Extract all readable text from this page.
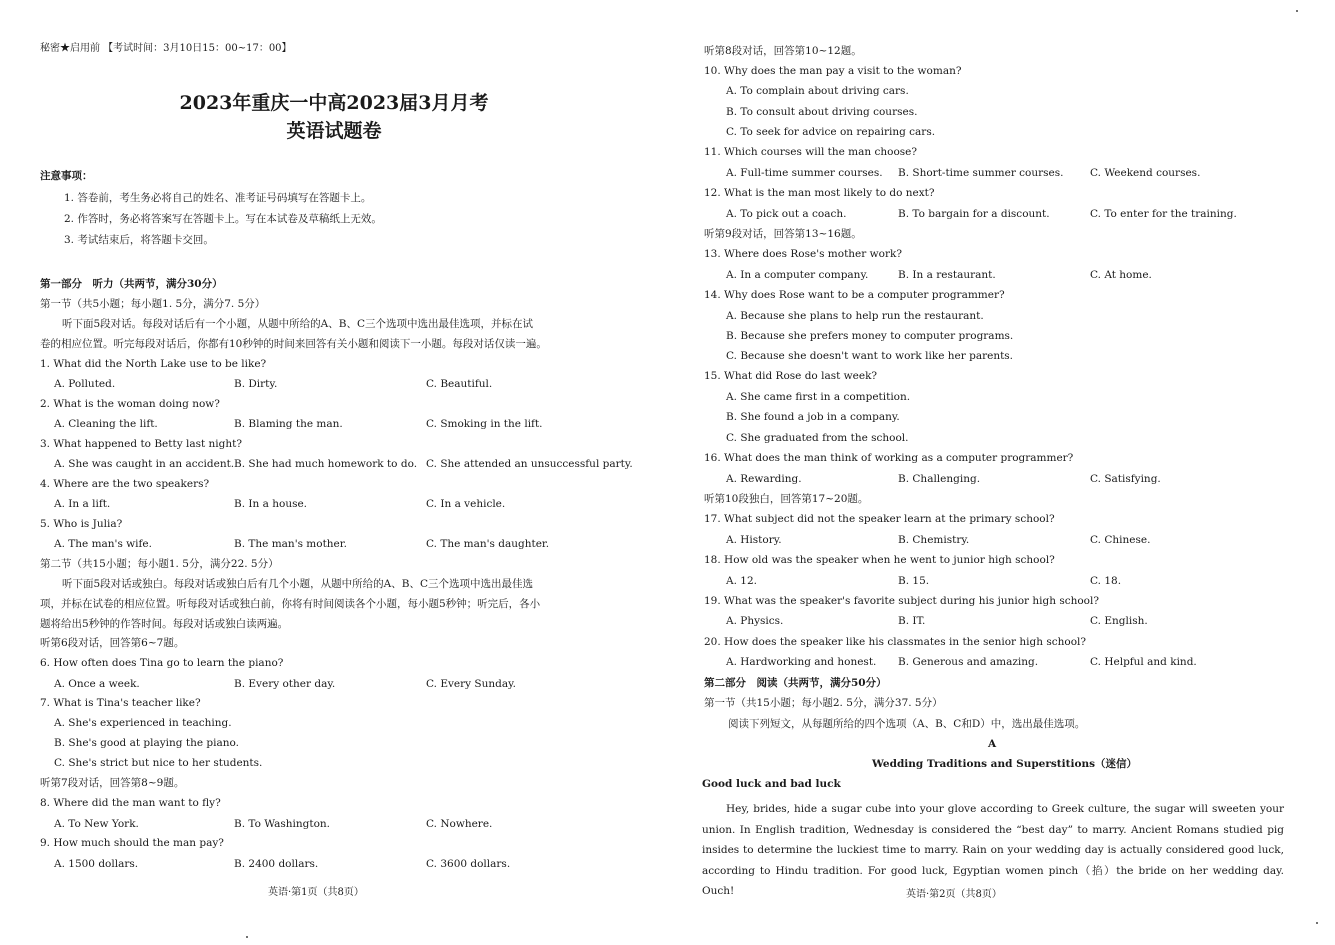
秘密★启用前 【考试时间：3月10日15：00~17：00】
2023年重庆一中高2023届3月月考
英语试题卷
注意事项：
1. 答卷前，考生务必将自己的姓名、准考证号码填写在答题卡上。
2. 作答时，务必将答案写在答题卡上。写在本试卷及草稿纸上无效。
3. 考试结束后，将答题卡交回。
第一部分　听力（共两节，满分30分）
第一节（共5小题；每小题1. 5分，满分7. 5分）
听下面5段对话。每段对话后有一个小题，从题中所给的A、B、C三个选项中选出最佳选项，并标在试
卷的相应位置。听完每段对话后，你都有10秒钟的时间来回答有关小题和阅读下一小题。每段对话仅读一遍。
1. What did the North Lake use to be like?
A. Polluted.	B. Dirty.	C. Beautiful.
2. What is the woman doing now?
A. Cleaning the lift.	B. Blaming the man.	C. Smoking in the lift.
3. What happened to Betty last night?
A. She was caught in an accident. B. She had much homework to do. C. She attended an unsuccessful party.
4. Where are the two speakers?
A. In a lift.	B. In a house.	C. In a vehicle.
5. Who is Julia?
A. The man's wife.	B. The man's mother.	C. The man's daughter.
第二节（共15小题；每小题1. 5分，满分22. 5分）
听下面5段对话或独白。每段对话或独白后有几个小题，从题中所给的A、B、C三个选项中选出最佳选
项，并标在试卷的相应位置。听每段对话或独白前，你将有时间阅读各个小题，每小题5秒钟；听完后，各小
题将给出5秒钟的作答时间。每段对话或独白读两遍。
听第6段对话，回答第6~7题。
6. How often does Tina go to learn the piano?
A. Once a week.	B. Every other day.	C. Every Sunday.
7. What is Tina's teacher like?
A. She's experienced in teaching.
B. She's good at playing the piano.
C. She's strict but nice to her students.
听第7段对话，回答第8~9题。
8. Where did the man want to fly?
A. To New York.	B. To Washington.	C. Nowhere.
9. How much should the man pay?
A. 1500 dollars.	B. 2400 dollars.	C. 3600 dollars.
英语·第1页（共8页）
听第8段对话，回答第10~12题。
10. Why does the man pay a visit to the woman?
A. To complain about driving cars.
B. To consult about driving courses.
C. To seek for advice on repairing cars.
11. Which courses will the man choose?
A. Full-time summer courses. B. Short-time summer courses.	C. Weekend courses.
12. What is the man most likely to do next?
A. To pick out a coach.	B. To bargain for a discount.	C. To enter for the training.
听第9段对话，回答第13~16题。
13. Where does Rose's mother work?
A. In a computer company.	B. In a restaurant.	C. At home.
14. Why does Rose want to be a computer programmer?
A. Because she plans to help run the restaurant.
B. Because she prefers money to computer programs.
C. Because she doesn't want to work like her parents.
15. What did Rose do last week?
A. She came first in a competition.
B. She found a job in a company.
C. She graduated from the school.
16. What does the man think of working as a computer programmer?
A. Rewarding.	B. Challenging.	C. Satisfying.
听第10段独白，回答第17~20题。
17. What subject did not the speaker learn at the primary school?
A. History.	B. Chemistry.	C. Chinese.
18. How old was the speaker when he went to junior high school?
A. 12.	B. 15.	C. 18.
19. What was the speaker's favorite subject during his junior high school?
A. Physics.	B. IT.	C. English.
20. How does the speaker like his classmates in the senior high school?
A. Hardworking and honest. B. Generous and amazing.	C. Helpful and kind.
第二部分　阅读（共两节，满分50分）
第一节（共15小题；每小题2. 5分，满分37. 5分）
阅读下列短文，从每题所给的四个选项（A、B、C和D）中，选出最佳选项。
A
Wedding Traditions and Superstitions（迷信）
Good luck and bad luck
Hey, brides, hide a sugar cube into your glove according to Greek culture, the sugar will sweeten your union. In English tradition, Wednesday is considered the “best day” to marry. Ancient Romans studied pig insides to determine the luckiest time to marry. Rain on your wedding day is actually considered good luck, according to Hindu tradition. For good luck, Egyptian women pinch（掐）the bride on her wedding day. Ouch!	英语·第2页（共8页）
